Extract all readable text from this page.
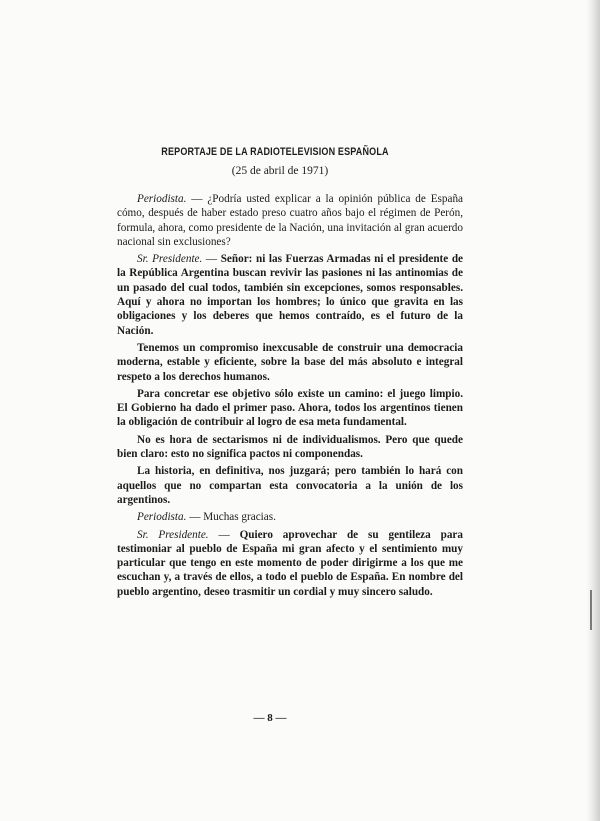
REPORTAJE DE LA RADIOTELEVISION ESPAÑOLA
(25 de abril de 1971)

Periodista. — ¿Podría usted explicar a la opinión pública de España cómo, después de haber estado preso cuatro años bajo el régimen de Perón, formula, ahora, como presidente de la Nación, una invitación al gran acuerdo nacional sin exclusiones?

Sr. Presidente. — Señor: ni las Fuerzas Armadas ni el presidente de la República Argentina buscan revivir las pasiones ni las antinomias de un pasado del cual todos, también sin excepciones, somos responsables. Aquí y ahora no importan los hombres; lo único que gravita en las obligaciones y los deberes que hemos contraído, es el futuro de la Nación.

Tenemos un compromiso inexcusable de construir una democracia moderna, estable y eficiente, sobre la base del más absoluto e integral respeto a los derechos humanos.

Para concretar ese objetivo sólo existe un camino: el juego limpio. El Gobierno ha dado el primer paso. Ahora, todos los argentinos tienen la obligación de contribuir al logro de esa meta fundamental.

No es hora de sectarismos ni de individualismos. Pero que quede bien claro: esto no significa pactos ni componendas.

La historia, en definitiva, nos juzgará; pero también lo hará con aquellos que no compartan esta convocatoria a la unión de los argentinos.

Periodista. — Muchas gracias.

Sr. Presidente. — Quiero aprovechar de su gentileza para testimoniar al pueblo de España mi gran afecto y el sentimiento muy particular que tengo en este momento de poder dirigirme a los que me escuchan y, a través de ellos, a todo el pueblo de España. En nombre del pueblo argentino, deseo trasmitir un cordial y muy sincero saludo.

— 8 —
